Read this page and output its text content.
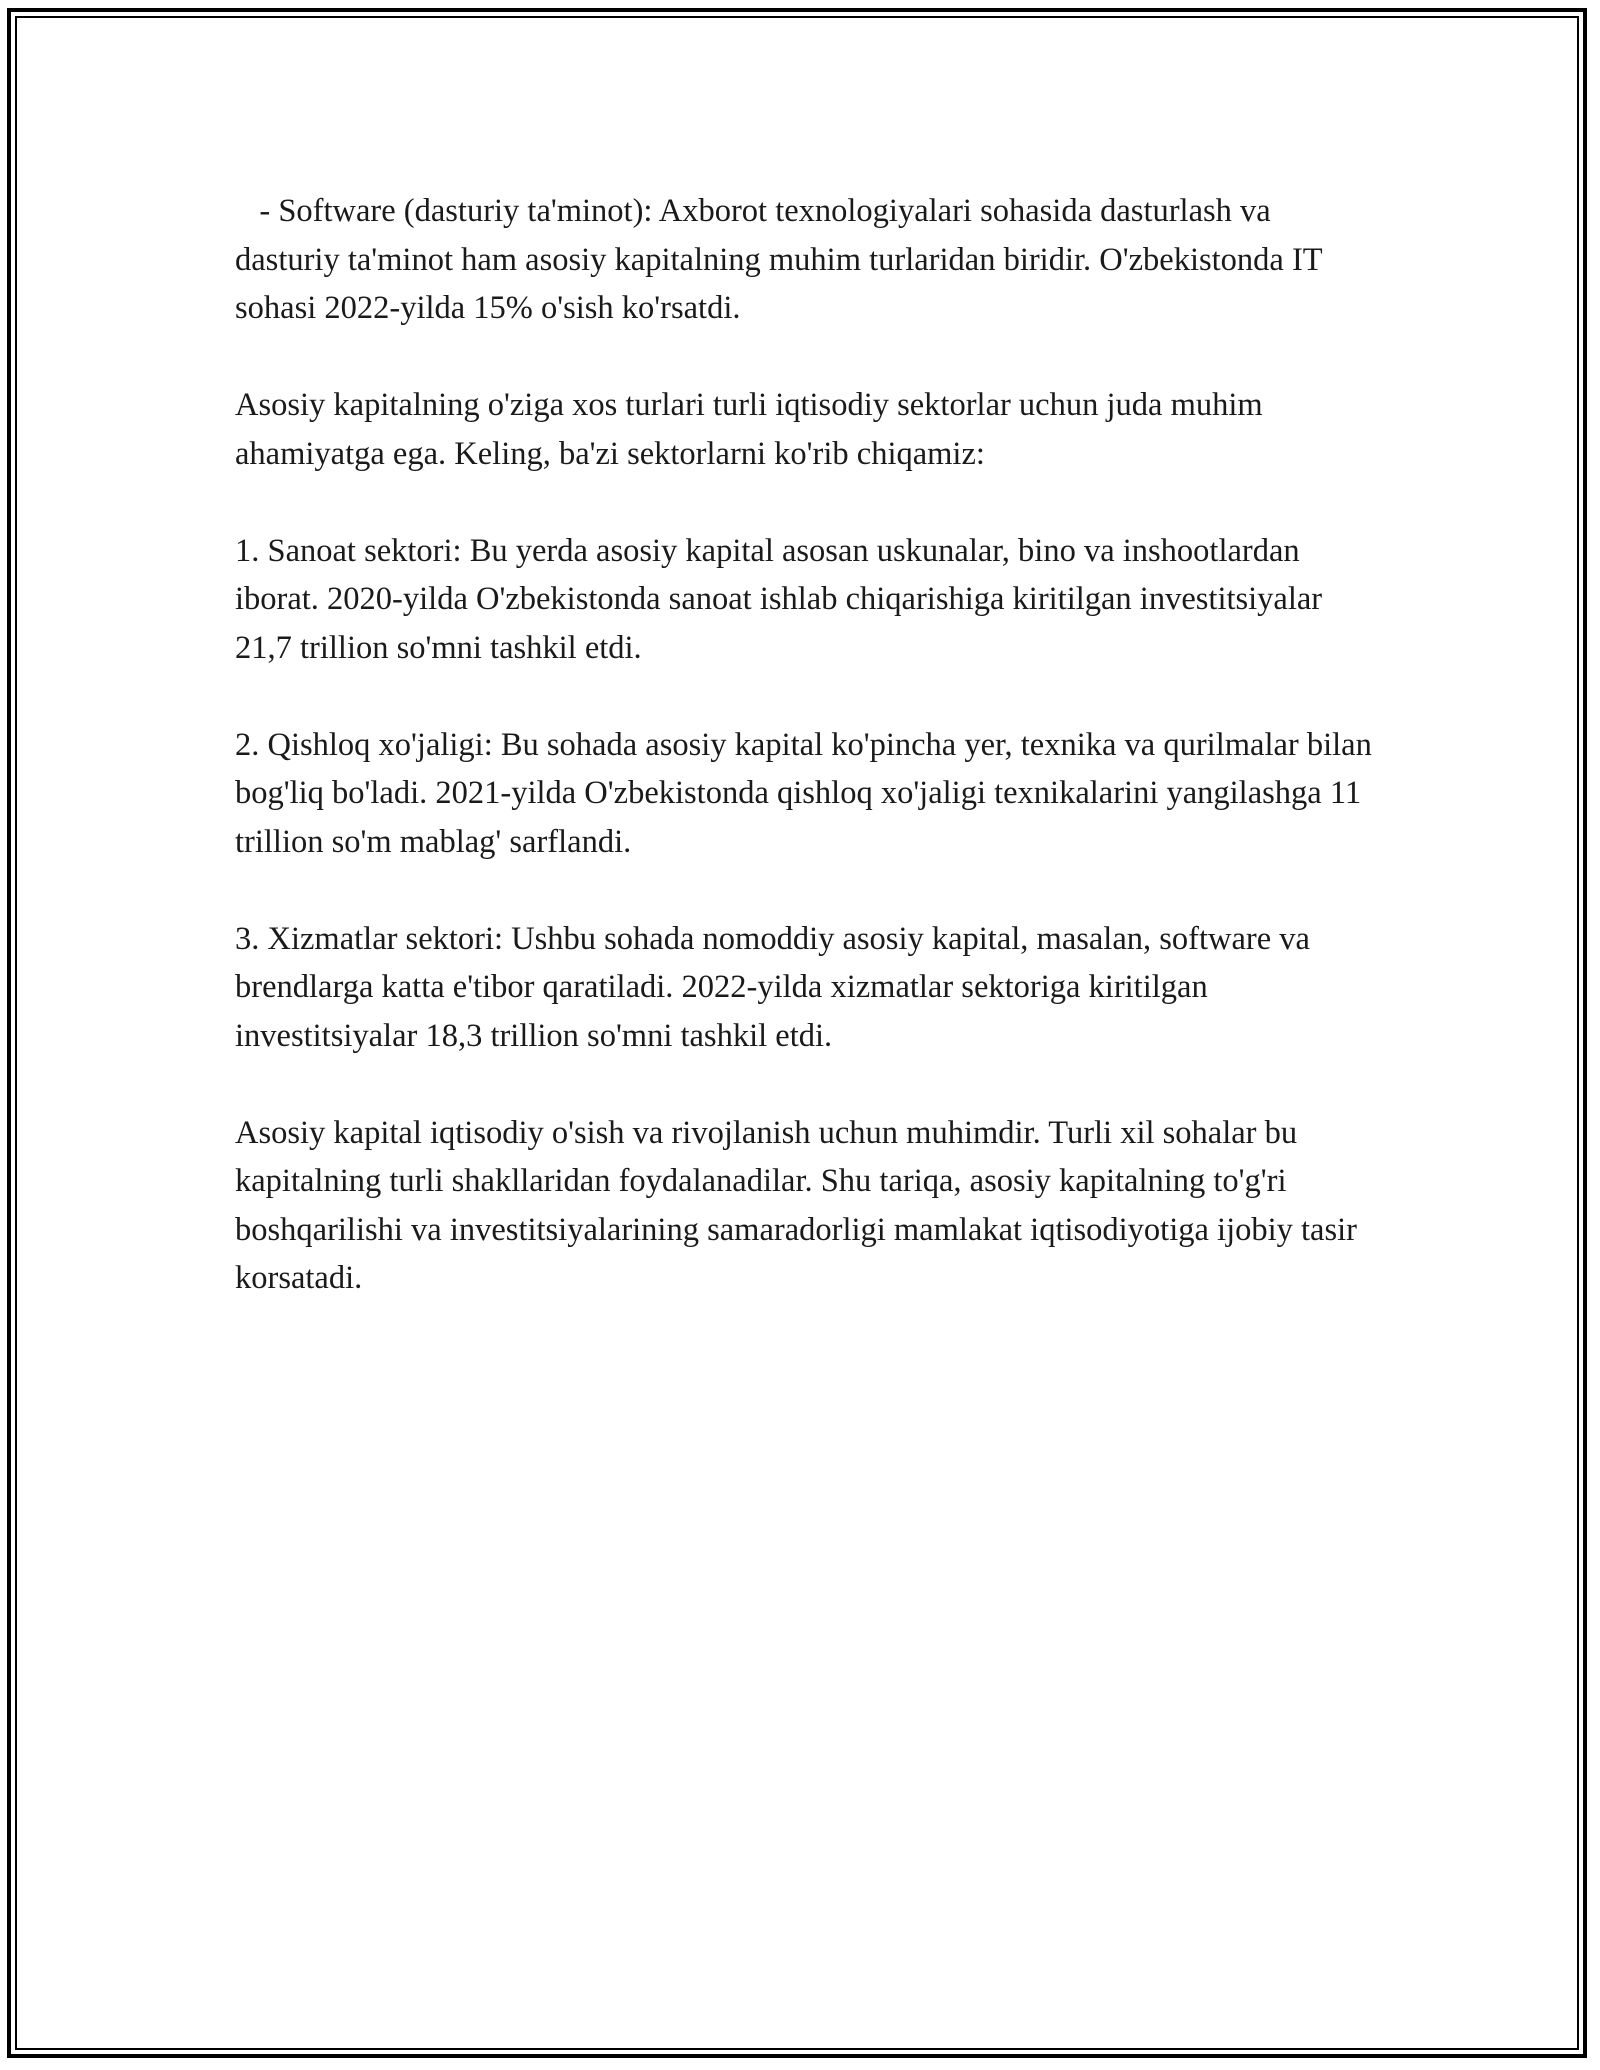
- Software (dasturiy ta'minot): Axborot texnologiyalari sohasida dasturlash va dasturiy ta'minot ham asosiy kapitalning muhim turlaridan biridir. O'zbekistonda IT sohasi 2022-yilda 15% o'sish ko'rsatdi.

Asosiy kapitalning o'ziga xos turlari turli iqtisodiy sektorlar uchun juda muhim ahamiyatga ega. Keling, ba'zi sektorlarni ko'rib chiqamiz:

1. Sanoat sektori: Bu yerda asosiy kapital asosan uskunalar, bino va inshootlardan iborat. 2020-yilda O'zbekistonda sanoat ishlab chiqarishiga kiritilgan investitsiyalar 21,7 trillion so'mni tashkil etdi.

2. Qishloq xo'jaligi: Bu sohada asosiy kapital ko'pincha yer, texnika va qurilmalar bilan bog'liq bo'ladi. 2021-yilda O'zbekistonda qishloq xo'jaligi texnikalarini yangilashga 11 trillion so'm mablag' sarflandi.

3. Xizmatlar sektori: Ushbu sohada nomoddiy asosiy kapital, masalan, software va brendlarga katta e'tibor qaratiladi. 2022-yilda xizmatlar sektoriga kiritilgan investitsiyalar 18,3 trillion so'mni tashkil etdi.

Asosiy kapital iqtisodiy o'sish va rivojlanish uchun muhimdir. Turli xil sohalar bu kapitalning turli shakllaridan foydalanadilar. Shu tariqa, asosiy kapitalning to'g'ri boshqarilishi va investitsiyalarining samaradorligi mamlakat iqtisodiyotiga ijobiy tasir korsatadi.
